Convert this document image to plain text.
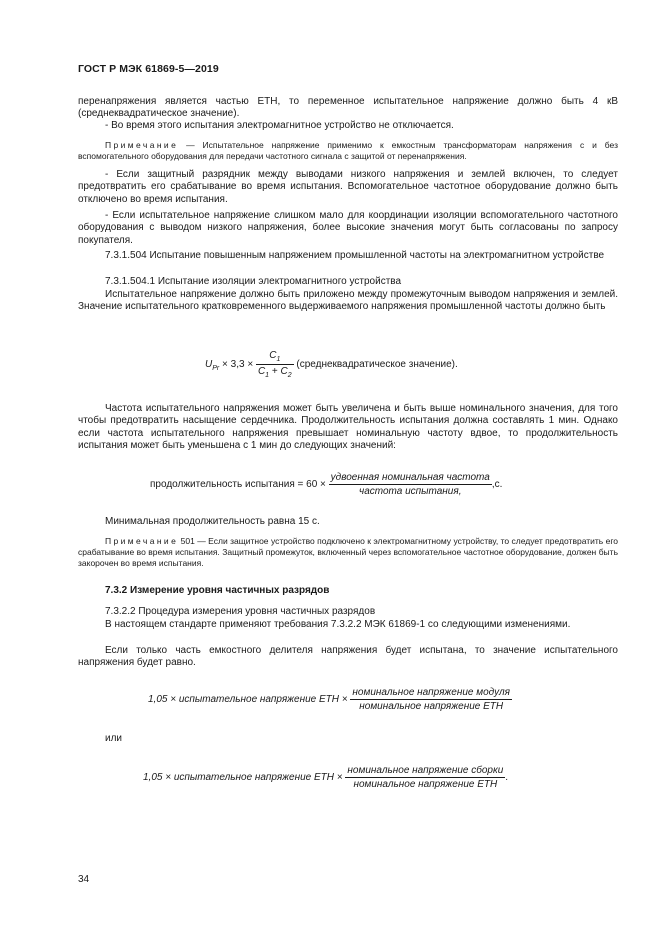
ГОСТ Р МЭК 61869-5—2019
перенапряжения является частью ЕТН, то переменное испытательное напряжение должно быть 4 кВ (среднеквадратическое значение).
- Во время этого испытания электромагнитное устройство не отключается.
Примечание — Испытательное напряжение применимо к емкостным трансформаторам напряжения с и без вспомогательного оборудования для передачи частотного сигнала с защитой от перенапряжения.
- Если защитный разрядник между выводами низкого напряжения и землей включен, то следует предотвратить его срабатывание во время испытания. Вспомогательное частотное оборудование должно быть отключено во время испытания.
- Если испытательное напряжение слишком мало для координации изоляции вспомогательного частотного оборудования с выводом низкого напряжения, более высокие значения могут быть согласованы по запросу покупателя.
7.3.1.504 Испытание повышенным напряжением промышленной частоты на электромагнитном устройстве
7.3.1.504.1 Испытание изоляции электромагнитного устройства
Испытательное напряжение должно быть приложено между промежуточным выводом напряжения и землей. Значение испытательного кратковременного выдерживаемого напряжения промышленной частоты должно быть
$U_{Pr} \times 3,3 \times \frac{C_1}{C_1 + C_2}$ (среднеквадратическое значение).
Частота испытательного напряжения может быть увеличена и быть выше номинального значения, для того чтобы предотвратить насыщение сердечника. Продолжительность испытания должна составлять 1 мин. Однако если частота испытательного напряжения превышает номинальную частоту вдвое, то продолжительность испытания может быть уменьшена с 1 мин до следующих значений:
продолжительность испытания = $60 \times \frac{\text{удвоенная номинальная частота}}{\text{частота испытания,}} ,с$.
Минимальная продолжительность равна 15 с.
Примечание 501 — Если защитное устройство подключено к электромагнитному устройству, то следует предотвратить его срабатывание во время испытания. Защитный промежуток, включенный через вспомогательное частотное оборудование, должен быть закорочен во время испытания.
7.3.2 Измерение уровня частичных разрядов
7.3.2.2 Процедура измерения уровня частичных разрядов
В настоящем стандарте применяют требования 7.3.2.2 МЭК 61869-1 со следующими изменениями.
Если только часть емкостного делителя напряжения будет испытана, то значение испытательного напряжения будет равно.
1,05 × испытательное напряжение ЕТН × $\frac{\text{номинальное напряжение модуля}}{\text{номинальное напряжение ЕТН}}$
или
1,05 × испытательное напряжение ЕТН × $\frac{\text{номинальное напряжение сборки}}{\text{номинальное напряжение ЕТН}}$ .
34
